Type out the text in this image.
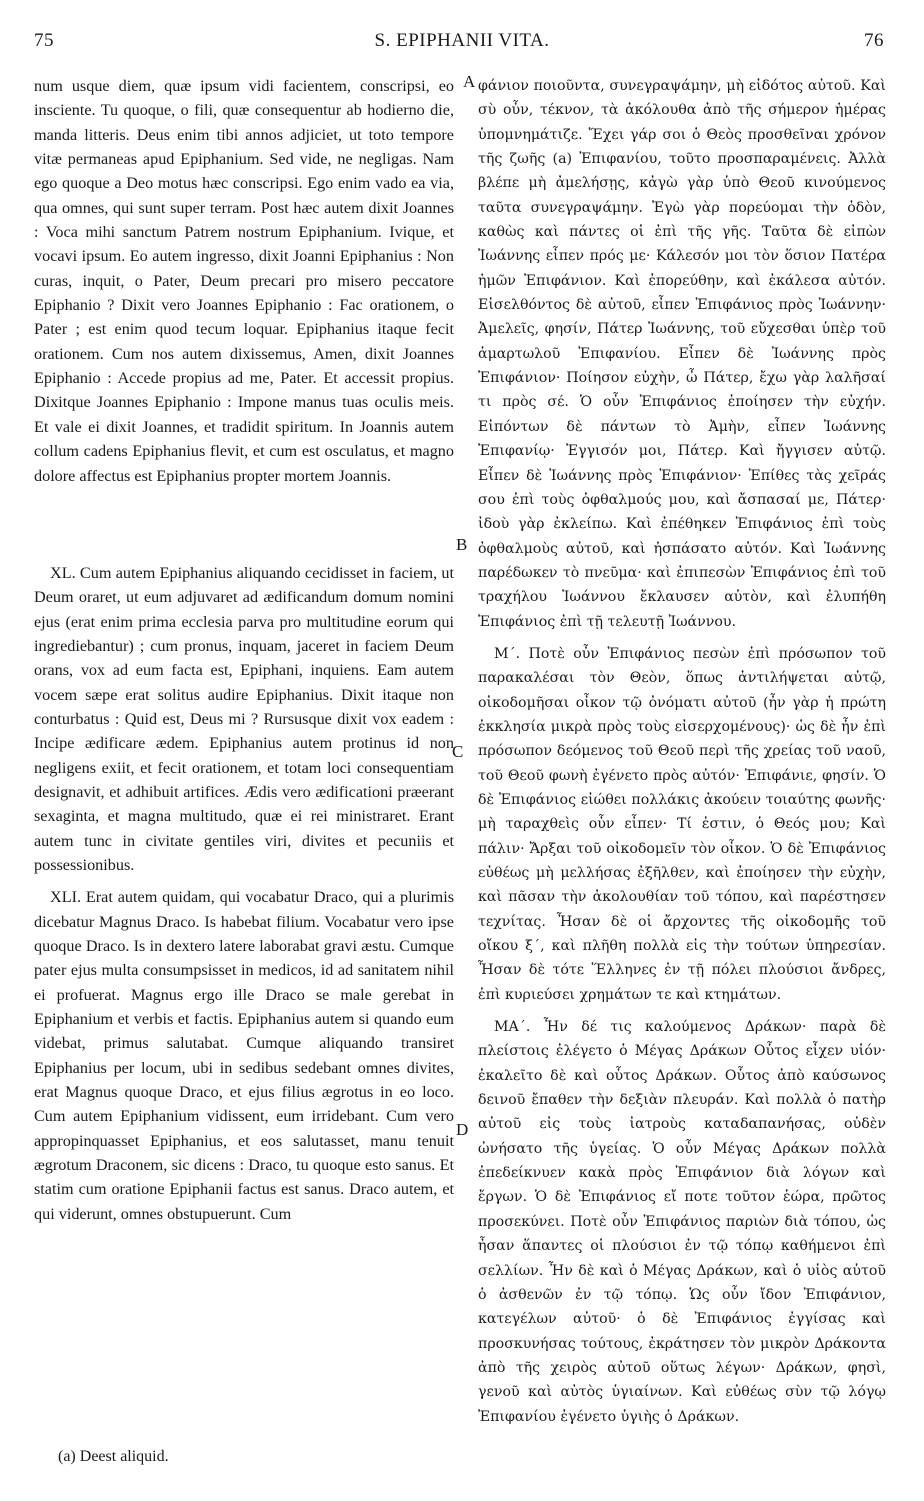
75	S. EPIPHANII VITA.	76
A
B
C
D

num usque diem, quæ ipsum vidi facientem, conscripsi, eo insciente. Tu quoque, o fili, quæ consequentur ab hodierno die, manda litteris. Deus enim tibi annos adjiciet, ut toto tempore vitæ permaneas apud Epiphanium. Sed vide, ne negligas. Nam ego quoque a Deo motus hæc conscripsi. Ego enim vado ea via, qua omnes, qui sunt super terram. Post hæc autem dixit Joannes : Voca mihi sanctum Patrem nostrum Epiphanium. Ivique, et vocavi ipsum. Eo autem ingresso, dixit Joanni Epiphanius : Non curas, inquit, o Pater, Deum precari pro misero peccatore Epiphanio ? Dixit vero Joannes Epiphanio : Fac orationem, o Pater ; est enim quod tecum loquar. Epiphanius itaque fecit orationem. Cum nos autem dixissemus, Amen, dixit Joannes Epiphanio : Accede propius ad me, Pater. Et accessit propius. Dixitque Joannes Epiphanio : Impone manus tuas oculis meis. Et vale ei dixit Joannes, et tradidit spiritum. In Joannis autem collum cadens Epiphanius flevit, et cum est osculatus, et magno dolore affectus est Epiphanius propter mortem Joannis.

XL. Cum autem Epiphanius aliquando cecidisset in faciem, ut Deum oraret, ut eum adjuvaret ad ædificandum domum nomini ejus (erat enim prima ecclesia parva pro multitudine eorum qui ingrediebantur) ; cum pronus, inquam, jaceret in faciem Deum orans, vox ad eum facta est, Epiphani, inquiens. Eam autem vocem sæpe erat solitus audire Epiphanius. Dixit itaque non conturbatus : Quid est, Deus mi ? Rursusque dixit vox eadem : Incipe ædificare ædem. Epiphanius autem protinus id non negligens exiit, et fecit orationem, et totam loci consequentiam designavit, et adhibuit artifices. Ædis vero ædificationi præerant sexaginta, et magna multitudo, quæ ei rei ministraret. Erant autem tunc in civitate gentiles viri, divites et pecuniis et possessionibus.

XLI. Erat autem quidam, qui vocabatur Draco, qui a plurimis dicebatur Magnus Draco. Is habebat filium. Vocabatur vero ipse quoque Draco. Is in dextero latere laborabat gravi æstu. Cumque pater ejus multa consumpsisset in medicos, id ad sanitatem nihil ei profuerat. Magnus ergo ille Draco se male gerebat in Epiphanium et verbis et factis. Epiphanius autem si quando eum videbat, primus salutabat. Cumque aliquando transiret Epiphanius per locum, ubi in sedibus sedebant omnes divites, erat Magnus quoque Draco, et ejus filius ægrotus in eo loco. Cum autem Epiphanium vidissent, eum irridebant. Cum vero appropinquasset Epiphanius, et eos salutasset, manu tenuit ægrotum Draconem, sic dicens : Draco, tu quoque esto sanus. Et statim cum oratione Epiphanii factus est sanus. Draco autem, et qui viderunt, omnes obstupuerunt. Cum

φάνιον ποιοῦντα, συνεγραψάμην, μὴ εἰδότος αὐτοῦ. Καὶ σὺ οὖν, τέκνον, τὰ ἀκόλουθα ἀπὸ τῆς σήμερον ἡμέρας ὑπομνημάτιζε. Ἔχει γάρ σοι ὁ Θεὸς προσθεῖναι χρόνον τῆς ζωῆς (a) Ἐπιφανίου, τοῦτο προσπαραμένεις. Ἀλλὰ βλέπε μὴ ἀμελήσῃς, κἀγὼ γὰρ ὑπὸ Θεοῦ κινούμενος ταῦτα συνεγραψάμην. Ἐγὼ γὰρ πορεύομαι τὴν ὁδὸν, καθὼς καὶ πάντες οἱ ἐπὶ τῆς γῆς. Ταῦτα δὲ εἰπὼν Ἰωάννης εἶπεν πρός με· Κάλεσόν μοι τὸν ὅσιον Πατέρα ἡμῶν Ἐπιφάνιον. Καὶ ἐπορεύθην, καὶ ἐκάλεσα αὐτόν. Εἰσελθόντος δὲ αὐτοῦ, εἶπεν Ἐπιφάνιος πρὸς Ἰωάννην· Ἀμελεῖς, φησίν, Πάτερ Ἰωάννης, τοῦ εὔχεσθαι ὑπὲρ τοῦ ἁμαρτωλοῦ Ἐπιφανίου. Εἶπεν δὲ Ἰωάννης πρὸς Ἐπιφάνιον· Ποίησον εὐχὴν, ὦ Πάτερ, ἔχω γὰρ λαλῆσαί τι πρὸς σέ. Ὁ οὖν Ἐπιφάνιος ἐποίησεν τὴν εὐχήν. Εἰπόντων δὲ πάντων τὸ Ἀμὴν, εἶπεν Ἰωάννης Ἐπιφανίῳ· Ἐγγισόν μοι, Πάτερ. Καὶ ἤγγισεν αὐτῷ. Εἶπεν δὲ Ἰωάννης πρὸς Ἐπιφάνιον· Ἐπίθες τὰς χεῖράς σου ἐπὶ τοὺς ὀφθαλμούς μου, καὶ ἄσπασαί με, Πάτερ· ἰδοὺ γὰρ ἐκλείπω. Καὶ ἐπέθηκεν Ἐπιφάνιος ἐπὶ τοὺς ὀφθαλμοὺς αὐτοῦ, καὶ ἠσπάσατο αὐτόν. Καὶ Ἰωάννης παρέδωκεν τὸ πνεῦμα· καὶ ἐπιπεσὼν Ἐπιφάνιος ἐπὶ τοῦ τραχήλου Ἰωάννου ἔκλαυσεν αὐτὸν, καὶ ἐλυπήθη Ἐπιφάνιος ἐπὶ τῇ τελευτῇ Ἰωάννου.

Μ΄. Ποτὲ οὖν Ἐπιφάνιος πεσὼν ἐπὶ πρόσωπον τοῦ παρακαλέσαι τὸν Θεὸν, ὅπως ἀντιλήψεται αὐτῷ, οἰκοδομῆσαι οἶκον τῷ ὀνόματι αὐτοῦ (ἦν γὰρ ἡ πρώτη ἐκκλησία μικρὰ πρὸς τοὺς εἰσερχομένους)· ὡς δὲ ἦν ἐπὶ πρόσωπον δεόμενος τοῦ Θεοῦ περὶ τῆς χρείας τοῦ ναοῦ, τοῦ Θεοῦ φωνὴ ἐγένετο πρὸς αὐτόν· Ἐπιφάνιε, φησίν. Ὁ δὲ Ἐπιφάνιος εἰώθει πολλάκις ἀκούειν τοιαύτης φωνῆς· μὴ ταραχθεὶς οὖν εἶπεν· Τί ἐστιν, ὁ Θεός μου; Καὶ πάλιν· Ἄρξαι τοῦ οἰκοδομεῖν τὸν οἶκον. Ὁ δὲ Ἐπιφάνιος εὐθέως μὴ μελλήσας ἐξῆλθεν, καὶ ἐποίησεν τὴν εὐχὴν, καὶ πᾶσαν τὴν ἀκολουθίαν τοῦ τόπου, καὶ παρέστησεν τεχνίτας. Ἦσαν δὲ οἱ ἄρχοντες τῆς οἰκοδομῆς τοῦ οἴκου ξ΄, καὶ πλῆθη πολλὰ εἰς τὴν τούτων ὑπηρεσίαν. Ἦσαν δὲ τότε Ἕλληνες ἐν τῇ πόλει πλούσιοι ἄνδρες, ἐπὶ κυριεύσει χρημάτων τε καὶ κτημάτων.

ΜΑ΄. Ἦν δέ τις καλούμενος Δράκων· παρὰ δὲ πλείστοις ἐλέγετο ὁ Μέγας Δράκων Οὗτος εἶχεν υἱόν· ἐκαλεῖτο δὲ καὶ οὗτος Δράκων. Οὗτος ἀπὸ καύσωνος δεινοῦ ἔπαθεν τὴν δεξιὰν πλευράν. Καὶ πολλὰ ὁ πατὴρ αὐτοῦ εἰς τοὺς ἰατροὺς καταδαπανήσας, οὐδὲν ὠνήσατο τῆς ὑγείας. Ὁ οὖν Μέγας Δράκων πολλὰ ἐπεδείκνυεν κακὰ πρὸς Ἐπιφάνιον διὰ λόγων καὶ ἔργων. Ὁ δὲ Ἐπιφάνιος εἴ ποτε τοῦτον ἑώρα, πρῶτος προσεκύνει. Ποτὲ οὖν Ἐπιφάνιος παριὼν διὰ τόπου, ὡς ἦσαν ἅπαντες οἱ πλούσιοι ἐν τῷ τόπῳ καθήμενοι ἐπὶ σελλίων. Ἦν δὲ καὶ ὁ Μέγας Δράκων, καὶ ὁ υἱὸς αὐτοῦ ὁ ἀσθενῶν ἐν τῷ τόπῳ. Ὡς οὖν ἴδον Ἐπιφάνιον, κατεγέλων αὐτοῦ· ὁ δὲ Ἐπιφάνιος ἐγγίσας καὶ προσκυνήσας τούτους, ἐκράτησεν τὸν μικρὸν Δράκοντα ἀπὸ τῆς χειρὸς αὐτοῦ οὕτως λέγων· Δράκων, φησὶ, γενοῦ καὶ αὐτὸς ὑγιαίνων. Καὶ εὐθέως σὺν τῷ λόγῳ Ἐπιφανίου ἐγένετο ὑγιὴς ὁ Δράκων.

(a) Deest aliquid.
